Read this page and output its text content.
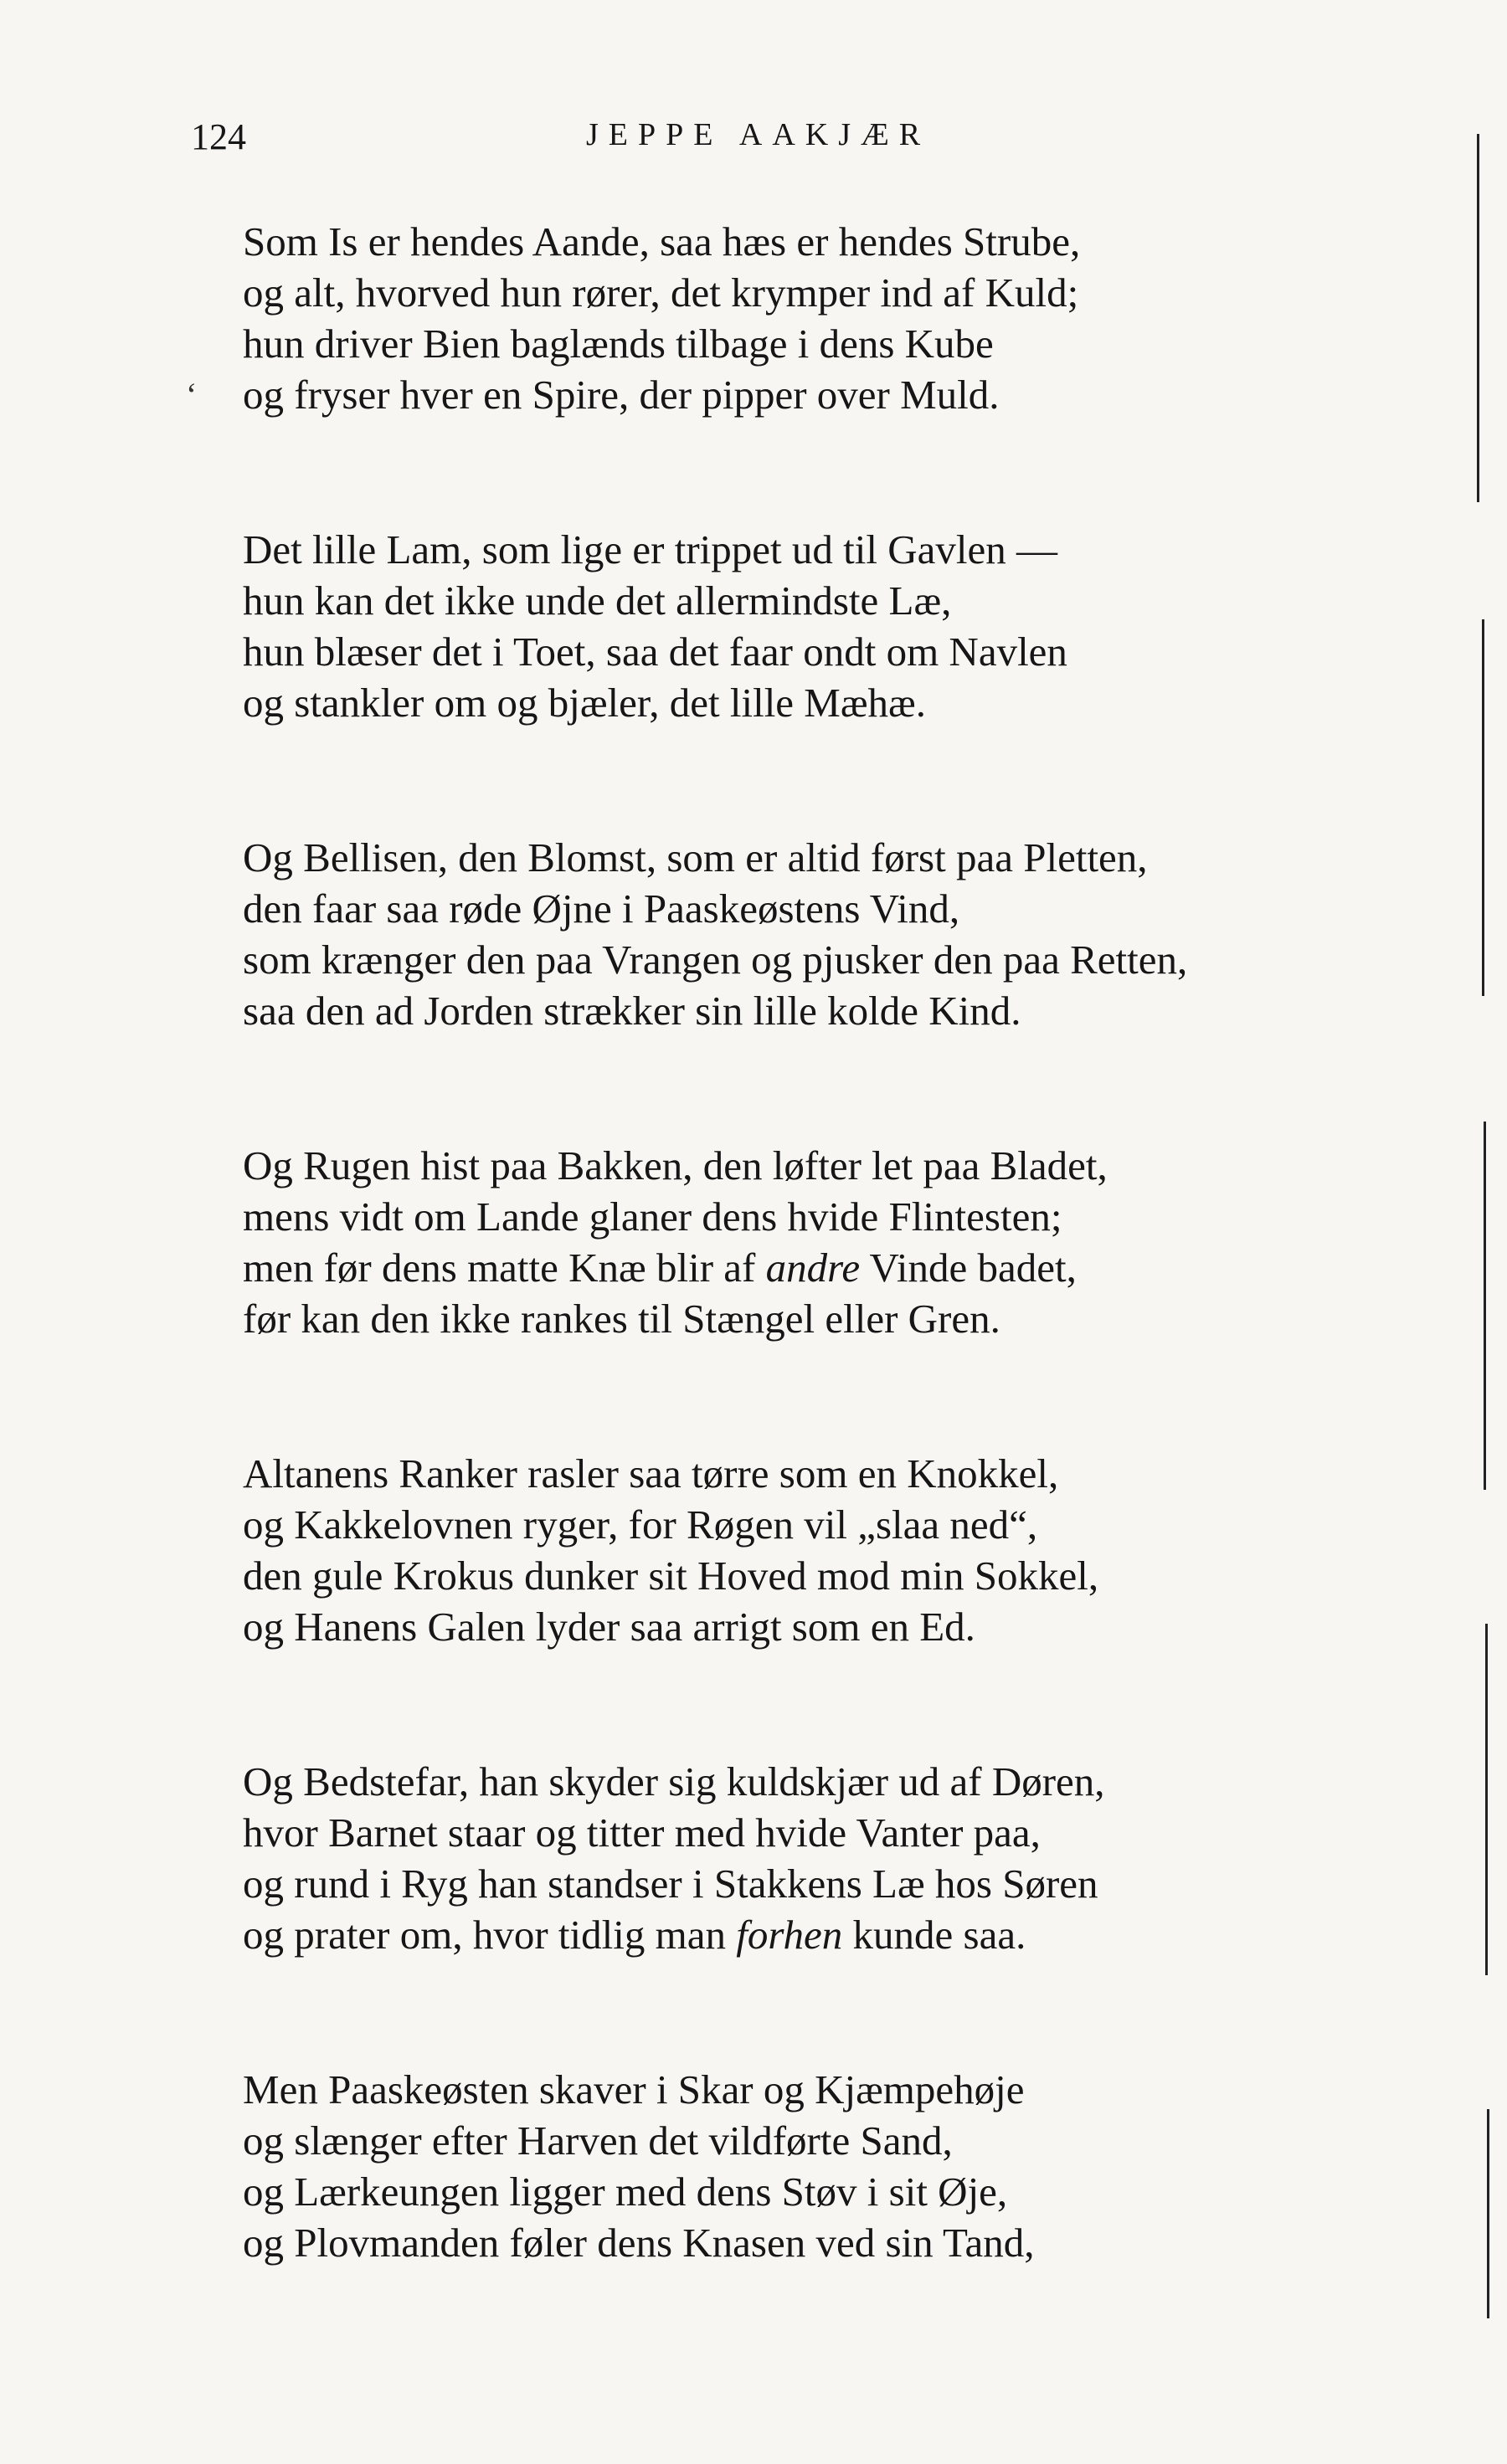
124	JEPPE AAKJÆR
ʻ

Som Is er hendes Aande, saa hæs er hendes Strube,
og alt, hvorved hun rører, det krymper ind af Kuld;
hun driver Bien baglænds tilbage i dens Kube
og fryser hver en Spire, der pipper over Muld.

Det lille Lam, som lige er trippet ud til Gavlen —
hun kan det ikke unde det allermindste Læ,
hun blæser det i Toet, saa det faar ondt om Navlen
og stankler om og bjæler, det lille Mæhæ.

Og Bellisen, den Blomst, som er altid først paa Pletten,
den faar saa røde Øjne i Paaskeøstens Vind,
som krænger den paa Vrangen og pjusker den paa Retten,
saa den ad Jorden strækker sin lille kolde Kind.

Og Rugen hist paa Bakken, den løfter let paa Bladet,
mens vidt om Lande glaner dens hvide Flintesten;
men før dens matte Knæ blir af andre Vinde badet,
før kan den ikke rankes til Stængel eller Gren.

Altanens Ranker rasler saa tørre som en Knokkel,
og Kakkelovnen ryger, for Røgen vil „slaa ned“,
den gule Krokus dunker sit Hoved mod min Sokkel,
og Hanens Galen lyder saa arrigt som en Ed.

Og Bedstefar, han skyder sig kuldskjær ud af Døren,
hvor Barnet staar og titter med hvide Vanter paa,
og rund i Ryg han standser i Stakkens Læ hos Søren
og prater om, hvor tidlig man forhen kunde saa.

Men Paaskeøsten skaver i Skar og Kjæmpehøje
og slænger efter Harven det vildførte Sand,
og Lærkeungen ligger med dens Støv i sit Øje,
og Plovmanden føler dens Knasen ved sin Tand,
